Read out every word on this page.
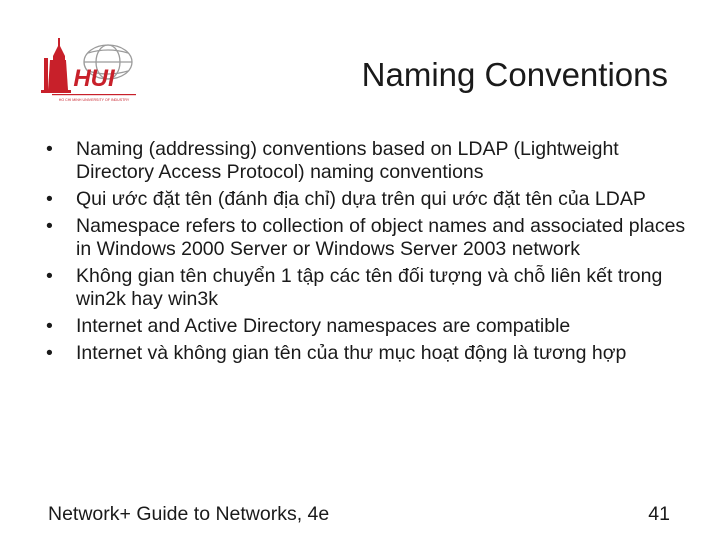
HUI
HO CHI MINH UNIVERSITY OF INDUSTRY
Naming Conventions
• Naming (addressing) conventions based on LDAP (Lightweight Directory Access Protocol) naming conventions
• Qui ước đặt tên (đánh địa chỉ) dựa trên qui ước đặt tên của LDAP
• Namespace refers to collection of object names and associated places in Windows 2000 Server or Windows Server 2003 network
• Không gian tên chuyển 1 tập các tên đối tượng và chỗ liên kết trong win2k hay win3k
• Internet and Active Directory namespaces are compatible
• Internet và không gian tên của thư mục hoạt động là tương hợp
Network+ Guide to Networks, 4e	41
